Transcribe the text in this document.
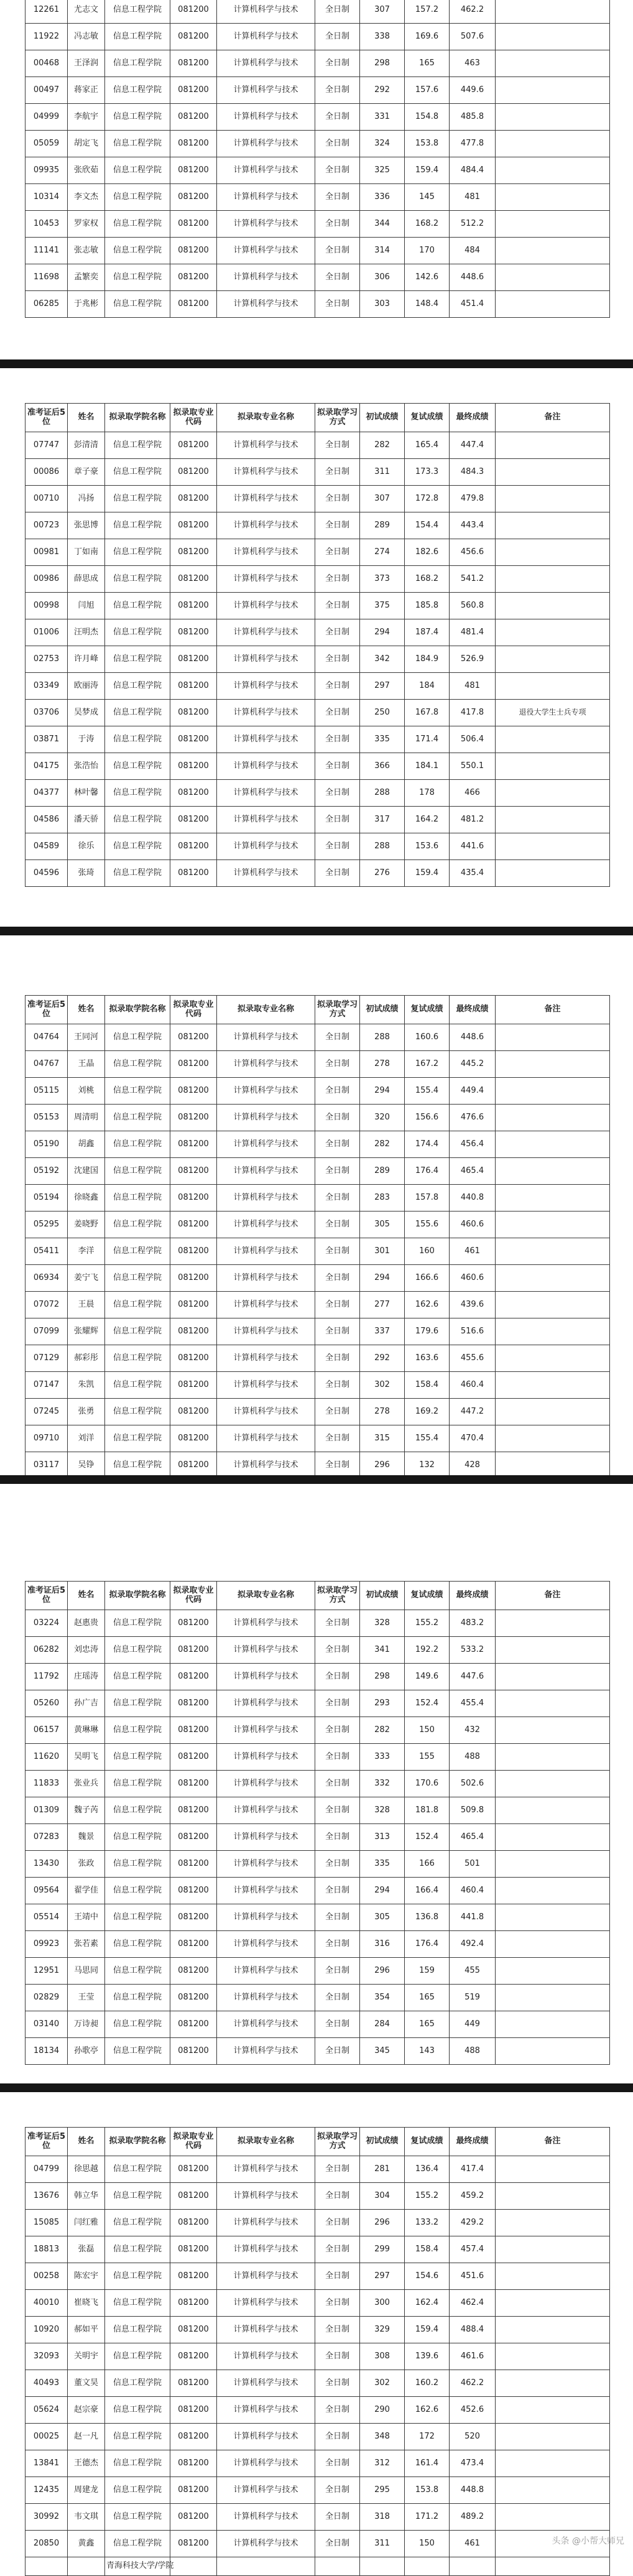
12261	尤志文	信息工程学院	081200	计算机科学与技术	全日制	307	157.2	462.2	
11922	冯志敏	信息工程学院	081200	计算机科学与技术	全日制	338	169.6	507.6	
00468	王泽润	信息工程学院	081200	计算机科学与技术	全日制	298	165	463	
00497	蒋家正	信息工程学院	081200	计算机科学与技术	全日制	292	157.6	449.6	
04999	李航宇	信息工程学院	081200	计算机科学与技术	全日制	331	154.8	485.8	
05059	胡定飞	信息工程学院	081200	计算机科学与技术	全日制	324	153.8	477.8	
09935	张欣茹	信息工程学院	081200	计算机科学与技术	全日制	325	159.4	484.4	
10314	李文杰	信息工程学院	081200	计算机科学与技术	全日制	336	145	481	
10453	罗家权	信息工程学院	081200	计算机科学与技术	全日制	344	168.2	512.2	
11141	张志敏	信息工程学院	081200	计算机科学与技术	全日制	314	170	484	
11698	孟繁奕	信息工程学院	081200	计算机科学与技术	全日制	306	142.6	448.6	
06285	于兆彬	信息工程学院	081200	计算机科学与技术	全日制	303	148.4	451.4	
准考证后5位	姓名	拟录取学院名称	拟录取专业代码	拟录取专业名称	拟录取学习方式	初试成绩	复试成绩	最终成绩	备注
07747	彭清清	信息工程学院	081200	计算机科学与技术	全日制	282	165.4	447.4	
00086	章子豪	信息工程学院	081200	计算机科学与技术	全日制	311	173.3	484.3	
00710	冯扬	信息工程学院	081200	计算机科学与技术	全日制	307	172.8	479.8	
00723	张思博	信息工程学院	081200	计算机科学与技术	全日制	289	154.4	443.4	
00981	丁如南	信息工程学院	081200	计算机科学与技术	全日制	274	182.6	456.6	
00986	薛思成	信息工程学院	081200	计算机科学与技术	全日制	373	168.2	541.2	
00998	闫旭	信息工程学院	081200	计算机科学与技术	全日制	375	185.8	560.8	
01006	汪明杰	信息工程学院	081200	计算机科学与技术	全日制	294	187.4	481.4	
02753	许月峰	信息工程学院	081200	计算机科学与技术	全日制	342	184.9	526.9	
03349	欧丽涛	信息工程学院	081200	计算机科学与技术	全日制	297	184	481	
03706	吴梦成	信息工程学院	081200	计算机科学与技术	全日制	250	167.8	417.8	退役大学生士兵专项
03871	于涛	信息工程学院	081200	计算机科学与技术	全日制	335	171.4	506.4	
04175	张浩怡	信息工程学院	081200	计算机科学与技术	全日制	366	184.1	550.1	
04377	林叶馨	信息工程学院	081200	计算机科学与技术	全日制	288	178	466	
04586	潘天骄	信息工程学院	081200	计算机科学与技术	全日制	317	164.2	481.2	
04589	徐乐	信息工程学院	081200	计算机科学与技术	全日制	288	153.6	441.6	
04596	张琦	信息工程学院	081200	计算机科学与技术	全日制	276	159.4	435.4	
准考证后5位	姓名	拟录取学院名称	拟录取专业代码	拟录取专业名称	拟录取学习方式	初试成绩	复试成绩	最终成绩	备注
04764	王同河	信息工程学院	081200	计算机科学与技术	全日制	288	160.6	448.6	
04767	王晶	信息工程学院	081200	计算机科学与技术	全日制	278	167.2	445.2	
05115	刘桃	信息工程学院	081200	计算机科学与技术	全日制	294	155.4	449.4	
05153	周清明	信息工程学院	081200	计算机科学与技术	全日制	320	156.6	476.6	
05190	胡鑫	信息工程学院	081200	计算机科学与技术	全日制	282	174.4	456.4	
05192	沈建国	信息工程学院	081200	计算机科学与技术	全日制	289	176.4	465.4	
05194	徐晓鑫	信息工程学院	081200	计算机科学与技术	全日制	283	157.8	440.8	
05295	姜晓野	信息工程学院	081200	计算机科学与技术	全日制	305	155.6	460.6	
05411	李洋	信息工程学院	081200	计算机科学与技术	全日制	301	160	461	
06934	姜宁飞	信息工程学院	081200	计算机科学与技术	全日制	294	166.6	460.6	
07072	王晨	信息工程学院	081200	计算机科学与技术	全日制	277	162.6	439.6	
07099	张耀辉	信息工程学院	081200	计算机科学与技术	全日制	337	179.6	516.6	
07129	郝彩彤	信息工程学院	081200	计算机科学与技术	全日制	292	163.6	455.6	
07147	朱凯	信息工程学院	081200	计算机科学与技术	全日制	302	158.4	460.4	
07245	张勇	信息工程学院	081200	计算机科学与技术	全日制	278	169.2	447.2	
09710	刘洋	信息工程学院	081200	计算机科学与技术	全日制	315	155.4	470.4	
03117	吴铮	信息工程学院	081200	计算机科学与技术	全日制	296	132	428	
准考证后5位	姓名	拟录取学院名称	拟录取专业代码	拟录取专业名称	拟录取学习方式	初试成绩	复试成绩	最终成绩	备注
03224	赵惠贵	信息工程学院	081200	计算机科学与技术	全日制	328	155.2	483.2	
06282	刘忠涛	信息工程学院	081200	计算机科学与技术	全日制	341	192.2	533.2	
11792	庄瑶涛	信息工程学院	081200	计算机科学与技术	全日制	298	149.6	447.6	
05260	孙广吉	信息工程学院	081200	计算机科学与技术	全日制	293	152.4	455.4	
06157	黄琳琳	信息工程学院	081200	计算机科学与技术	全日制	282	150	432	
11620	吴明飞	信息工程学院	081200	计算机科学与技术	全日制	333	155	488	
11833	张业兵	信息工程学院	081200	计算机科学与技术	全日制	332	170.6	502.6	
01309	魏子芮	信息工程学院	081200	计算机科学与技术	全日制	328	181.8	509.8	
07283	魏景	信息工程学院	081200	计算机科学与技术	全日制	313	152.4	465.4	
13430	张政	信息工程学院	081200	计算机科学与技术	全日制	335	166	501	
09564	翟学佳	信息工程学院	081200	计算机科学与技术	全日制	294	166.4	460.4	
05514	王靖中	信息工程学院	081200	计算机科学与技术	全日制	305	136.8	441.8	
09923	张若素	信息工程学院	081200	计算机科学与技术	全日制	316	176.4	492.4	
12951	马思同	信息工程学院	081200	计算机科学与技术	全日制	296	159	455	
02829	王莹	信息工程学院	081200	计算机科学与技术	全日制	354	165	519	
03140	万诗昶	信息工程学院	081200	计算机科学与技术	全日制	284	165	449	
18134	孙歌亭	信息工程学院	081200	计算机科学与技术	全日制	345	143	488	
准考证后5位	姓名	拟录取学院名称	拟录取专业代码	拟录取专业名称	拟录取学习方式	初试成绩	复试成绩	最终成绩	备注
04799	徐思越	信息工程学院	081200	计算机科学与技术	全日制	281	136.4	417.4	
13676	韩立华	信息工程学院	081200	计算机科学与技术	全日制	304	155.2	459.2	
15085	闫红雅	信息工程学院	081200	计算机科学与技术	全日制	296	133.2	429.2	
18813	张磊	信息工程学院	081200	计算机科学与技术	全日制	299	158.4	457.4	
00258	陈宏宇	信息工程学院	081200	计算机科学与技术	全日制	297	154.6	451.6	
40010	崔晓飞	信息工程学院	081200	计算机科学与技术	全日制	300	162.4	462.4	
10920	郝如平	信息工程学院	081200	计算机科学与技术	全日制	329	159.4	488.4	
32093	关明宇	信息工程学院	081200	计算机科学与技术	全日制	308	139.6	461.6	
40493	董文昊	信息工程学院	081200	计算机科学与技术	全日制	302	160.2	462.2	
05624	赵宗豪	信息工程学院	081200	计算机科学与技术	全日制	290	162.6	452.6	
00025	赵一凡	信息工程学院	081200	计算机科学与技术	全日制	348	172	520	
13841	王德杰	信息工程学院	081200	计算机科学与技术	全日制	312	161.4	473.4	
12435	周建龙	信息工程学院	081200	计算机科学与技术	全日制	295	153.8	448.8	
30992	韦文琪	信息工程学院	081200	计算机科学与技术	全日制	318	171.2	489.2	
20850	黄鑫	信息工程学院	081200	计算机科学与技术	全日制	311	150	461	
		青海科技大学/学院							
头条 @小帮大师兄
